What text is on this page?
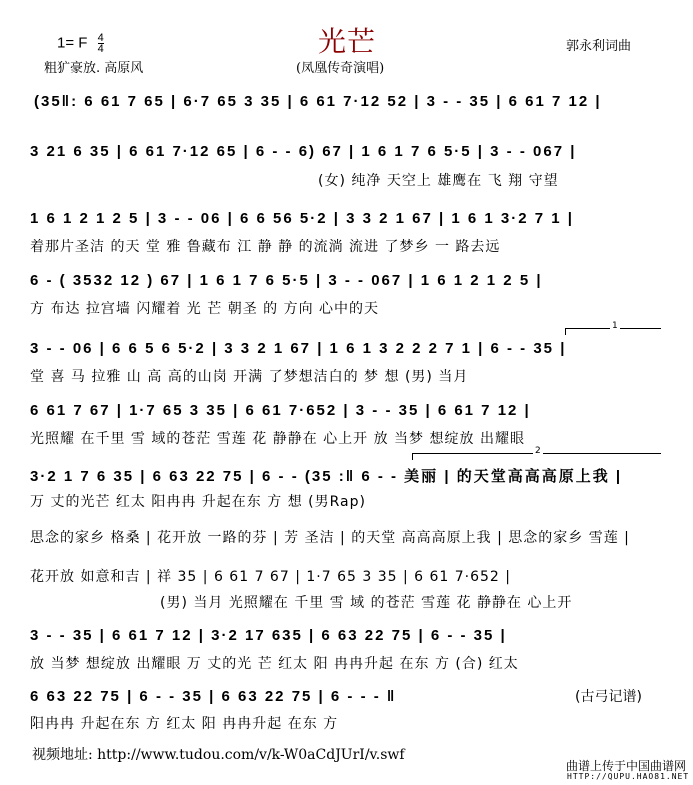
1= F $\frac{4}{4}$
粗犷豪放. 高原风
光芒
(凤凰传奇演唱)
郭永利词曲
(35‖: 6 61 7 65 | 6·7 65 3 35 | 6 61 7·12 52 | 3 - - 35 | 6 61 7 12 |
3 21 6 35 | 6 61 7·12 65 | 6 - - 6) 67 | 1 6 1 7 6 5·5 | 3 - - 067 |
(女) 纯净 天空上 雄鹰在 飞 翔 守望
1 6 1 2 1 2 5 | 3 - - 06 | 6 6 56 5·2 | 3 3 2 1 67 | 1 6 1 3·2 7 1 |
着那片圣洁 的天 堂 雅 鲁藏布 江 静 静 的流淌 流进 了梦乡 一 路去远
6 - ( 3532 12 ) 67 | 1 6 1 7 6 5·5 | 3 - - 067 | 1 6 1 2 1 2 5 |
方 布达 拉宫墙 闪耀着 光 芒 朝圣 的 方向 心中的天
1
3 - - 06 | 6 6 5 6 5·2 | 3 3 2 1 67 | 1 6 1 3 2 2 2 7 1 | 6 - - 35 |
堂 喜 马 拉雅 山 高 高的山岗 开满 了梦想洁白的 梦 想 (男) 当月
6 61 7 67 | 1·7 65 3 35 | 6 61 7·652 | 3 - - 35 | 6 61 7 12 |
光照耀 在千里 雪 域的苍茫 雪莲 花 静静在 心上开 放 当梦 想绽放 出耀眼
2
3·2 1 7 6 35 | 6 63 22 75 | 6 - - (35 :‖ 6 - - 美丽 | 的天堂高高高原上我 |
万 丈的光芒 红太 阳冉冉 升起在东 方 想 (男Rap)
思念的家乡 格桑 | 花开放 一路的芬 | 芳 圣洁 | 的天堂 高高高原上我 | 思念的家乡 雪莲 |
花开放 如意和吉 | 祥 35 | 6 61 7 67 | 1·7 65 3 35 | 6 61 7·652 |
(男) 当月 光照耀在 千里 雪 域 的苍茫 雪莲 花 静静在 心上开
3 - - 35 | 6 61 7 12 | 3·2 17 635 | 6 63 22 75 | 6 - - 35 |
放 当梦 想绽放 出耀眼 万 丈的光 芒 红太 阳 冉冉升起 在东 方 (合) 红太
6 63 22 75 | 6 - - 35 | 6 63 22 75 | 6 - - - ‖
阳冉冉 升起在东 方 红太 阳 冉冉升起 在东 方
(古弓记谱)
视频地址: http://www.tudou.com/v/k-W0aCdJUrI/v.swf
曲谱上传于中国曲谱网
HTTP://QUPU.HAO81.NET
